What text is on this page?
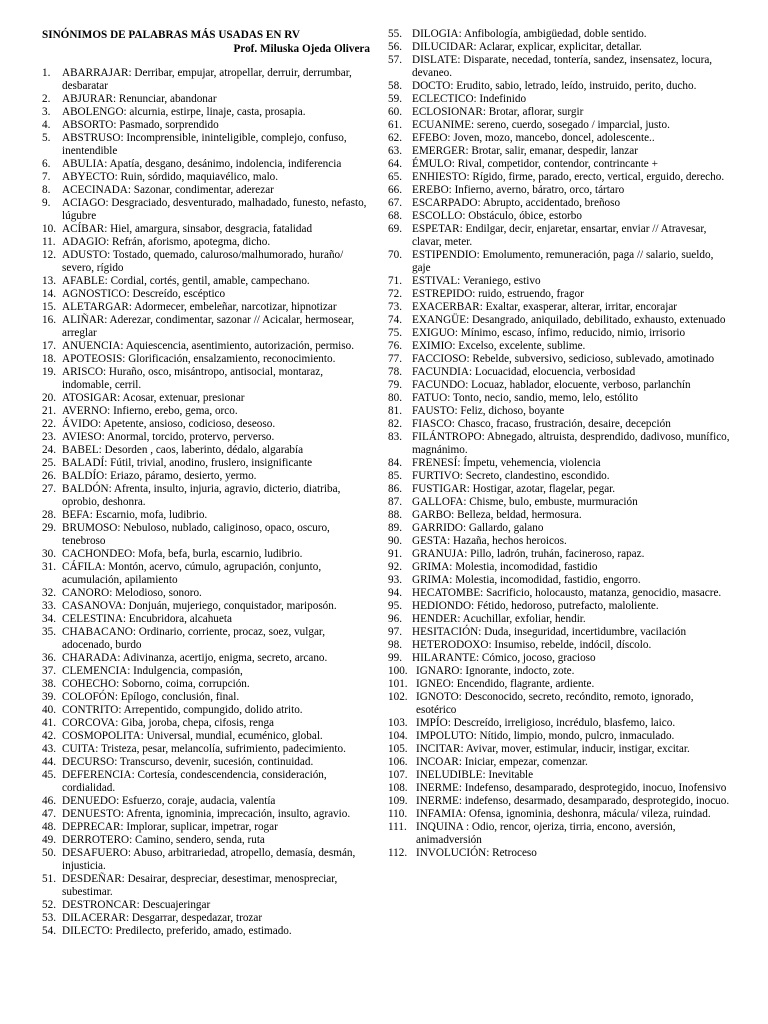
SINÓNIMOS DE PALABRAS MÁS USADAS EN RV
Prof. Miluska Ojeda Olivera
1.	ABARRAJAR: Derribar, empujar, atropellar, derruir, derrumbar, desbaratar
2.	ABJURAR: Renunciar, abandonar
3.	ABOLENGO: alcurnia, estirpe, linaje, casta, prosapia.
4.	ABSORTO: Pasmado, sorprendido
5.	ABSTRUSO: Incomprensible, ininteligible, complejo, confuso, inentendible
6.	ABULIA: Apatía, desgano, desánimo, indolencia, indiferencia
7.	ABYECTO: Ruin, sórdido, maquiavélico, malo.
8.	ACECINADA: Sazonar, condimentar, aderezar
9.	ACIAGO: Desgraciado, desventurado, malhadado, funesto, nefasto, lúgubre
10. ACÍBAR: Hiel, amargura, sinsabor, desgracia, fatalidad
11. ADAGIO: Refrán, aforismo, apotegma, dicho.
12. ADUSTO: Tostado, quemado, caluroso/malhumorado, huraño/ severo, rígido
13. AFABLE: Cordial, cortés, gentil, amable, campechano.
14. AGNOSTICO: Descreído, escéptico
15. ALETARGAR: Adormecer, embeleñar, narcotizar, hipnotizar
16. ALIÑAR: Aderezar, condimentar, sazonar // Acicalar, hermosear, arreglar
17. ANUENCIA: Aquiescencia, asentimiento, autorización, permiso.
18. APOTEOSIS: Glorificación, ensalzamiento, reconocimiento.
19. ARISCO: Huraño, osco, misántropo, antisocial, montaraz, indomable, cerril.
20. ATOSIGAR: Acosar, extenuar, presionar
21. AVERNO: Infierno, erebo, gema, orco.
22. ÁVIDO: Apetente, ansioso, codicioso, deseoso.
23. AVIESO: Anormal, torcido, protervo, perverso.
24. BABEL: Desorden , caos, laberinto, dédalo, algarabía
25. BALADÍ: Fútil, trivial, anodino, fruslero, insignificante
26. BALDÍO: Eriazo, páramo, desierto, yermo.
27. BALDÓN: Afrenta, insulto, injuria, agravio, dicterio, diatriba, oprobio, deshonra.
28. BEFA: Escarnio, mofa, ludibrio.
29. BRUMOSO: Nebuloso, nublado, caliginoso, opaco, oscuro, tenebroso
30. CACHONDEO: Mofa, befa, burla, escarnio, ludibrio.
31. CÁFILA: Montón, acervo, cúmulo, agrupación, conjunto, acumulación, apilamiento
32. CANORO: Melodioso, sonoro.
33. CASANOVA: Donjuán, mujeriego, conquistador, mariposón.
34. CELESTINA: Encubridora, alcahueta
35. CHABACANO: Ordinario, corriente, procaz, soez, vulgar, adocenado, burdo
36. CHARADA: Adivinanza, acertijo, enigma, secreto, arcano.
37. CLEMENCIA: Indulgencia, compasión,
38. COHECHO: Soborno, coima, corrupción.
39. COLOFÓN: Epílogo, conclusión, final.
40. CONTRITO: Arrepentido, compungido, dolido atrito.
41. CORCOVA: Giba, joroba, chepa, cifosis, renga
42. COSMOPOLITA: Universal, mundial, ecuménico, global.
43. CUITA: Tristeza, pesar, melancolía, sufrimiento, padecimiento.
44. DECURSO: Transcurso, devenir, sucesión, continuidad.
45. DEFERENCIA: Cortesía, condescendencia, consideración, cordialidad.
46. DENUEDO: Esfuerzo, coraje, audacia, valentía
47. DENUESTO: Afrenta, ignominia, imprecación, insulto, agravio.
48. DEPRECAR: Implorar, suplicar, impetrar, rogar
49. DERROTERO: Camino, sendero, senda, ruta
50. DESAFUERO: Abuso, arbitrariedad, atropello, demasía, desmán, injusticia.
51. DESDEÑAR: Desairar, despreciar, desestimar, menospreciar, subestimar.
52. DESTRONCAR: Descuajeringar
53. DILACERAR: Desgarrar, despedazar, trozar
54. DILECTO: Predilecto, preferido, amado, estimado.
55. DILOGIA: Anfibología, ambigüedad, doble sentido.
56. DILUCIDAR: Aclarar, explicar, explicitar, detallar.
57. DISLATE: Disparate, necedad, tontería, sandez, insensatez, locura, devaneo.
58. DOCTO: Erudito, sabio, letrado, leído, instruido, perito, ducho.
59. ECLECTICO: Indefinido
60. ECLOSIONAR: Brotar, aflorar, surgir
61. ECUANIME: sereno, cuerdo, sosegado / imparcial, justo.
62. EFEBO: Joven, mozo, mancebo, doncel, adolescente..
63. EMERGER: Brotar, salir, emanar, despedir, lanzar
64. ÉMULO: Rival, competidor, contendor, contrincante +
65. ENHIESTO: Rígido, firme, parado, erecto, vertical, erguido, derecho.
66. EREBO: Infierno, averno, báratro, orco, tártaro
67. ESCARPADO: Abrupto, accidentado, breñoso
68. ESCOLLO: Obstáculo, óbice, estorbo
69. ESPETAR: Endilgar, decir, enjaretar, ensartar, enviar // Atravesar, clavar, meter.
70. ESTIPENDIO: Emolumento, remuneración, paga // salario, sueldo, gaje
71. ESTIVAL: Veraniego, estivo
72. ESTREPIDO: ruido, estruendo, fragor
73. EXACERBAR: Exaltar, exasperar, alterar, irritar, encorajar
74. EXANGÜE: Desangrado, aniquilado, debilitado, exhausto, extenuado
75. EXIGUO: Mínimo, escaso, ínfimo, reducido, nimio, irrisorio
76. EXIMIO: Excelso, excelente, sublime.
77. FACCIOSO: Rebelde, subversivo, sedicioso, sublevado, amotinado
78. FACUNDIA: Locuacidad, elocuencia, verbosidad
79. FACUNDO: Locuaz, hablador, elocuente, verboso, parlanchín
80. FATUO: Tonto, necio, sandio, memo, lelo, estólito
81. FAUSTO: Feliz, dichoso, boyante
82. FIASCO: Chasco, fracaso, frustración, desaire, decepción
83. FILÁNTROPO: Abnegado, altruista, desprendido, dadivoso, munífico, magnánimo.
84. FRENESÍ: Ímpetu, vehemencia, violencia
85. FURTIVO: Secreto, clandestino, escondido.
86. FUSTIGAR: Hostigar, azotar, flagelar, pegar.
87. GALLOFA: Chisme, bulo, embuste, murmuración
88. GARBO: Belleza, beldad, hermosura.
89. GARRIDO: Gallardo, galano
90. GESTA: Hazaña, hechos heroicos.
91. GRANUJA: Pillo, ladrón, truhán, facineroso, rapaz.
92. GRIMA: Molestia, incomodidad, fastidio
93. GRIMA: Molestia, incomodidad, fastidio, engorro.
94. HECATOMBE: Sacrificio, holocausto, matanza, genocidio, masacre.
95. HEDIONDO: Fétido, hedoroso, putrefacto, maloliente.
96. HENDER: Acuchillar, exfoliar, hendir.
97. HESITACIÓN: Duda, inseguridad, incertidumbre, vacilación
98. HETERODOXO: Insumiso, rebelde, indócil, díscolo.
99. HILARANTE: Cómico, jocoso, gracioso
100. IGNARO: Ignorante, indocto, zote.
101. IGNEO: Encendido, flagrante, ardiente.
102. IGNOTO: Desconocido, secreto, recóndito, remoto, ignorado, esotérico
103. IMPÍO: Descreído, irreligioso, incrédulo, blasfemo, laico.
104. IMPOLUTO: Nítido, limpio, mondo, pulcro, inmaculado.
105. INCITAR: Avivar, mover, estimular, inducir, instigar, excitar.
106. INCOAR: Iniciar, empezar, comenzar.
107. INELUDIBLE: Inevitable
108. INERME: Indefenso, desamparado, desprotegido, inocuo, Inofensivo
109. INERME: indefenso, desarmado, desamparado, desprotegido, inocuo.
110. INFAMIA: Ofensa, ignominia, deshonra, mácula/ vileza, ruindad.
111. INQUINA : Odio, rencor, ojeriza, tirria, encono, aversión, animadversión
112. INVOLUCIÓN: Retroceso
